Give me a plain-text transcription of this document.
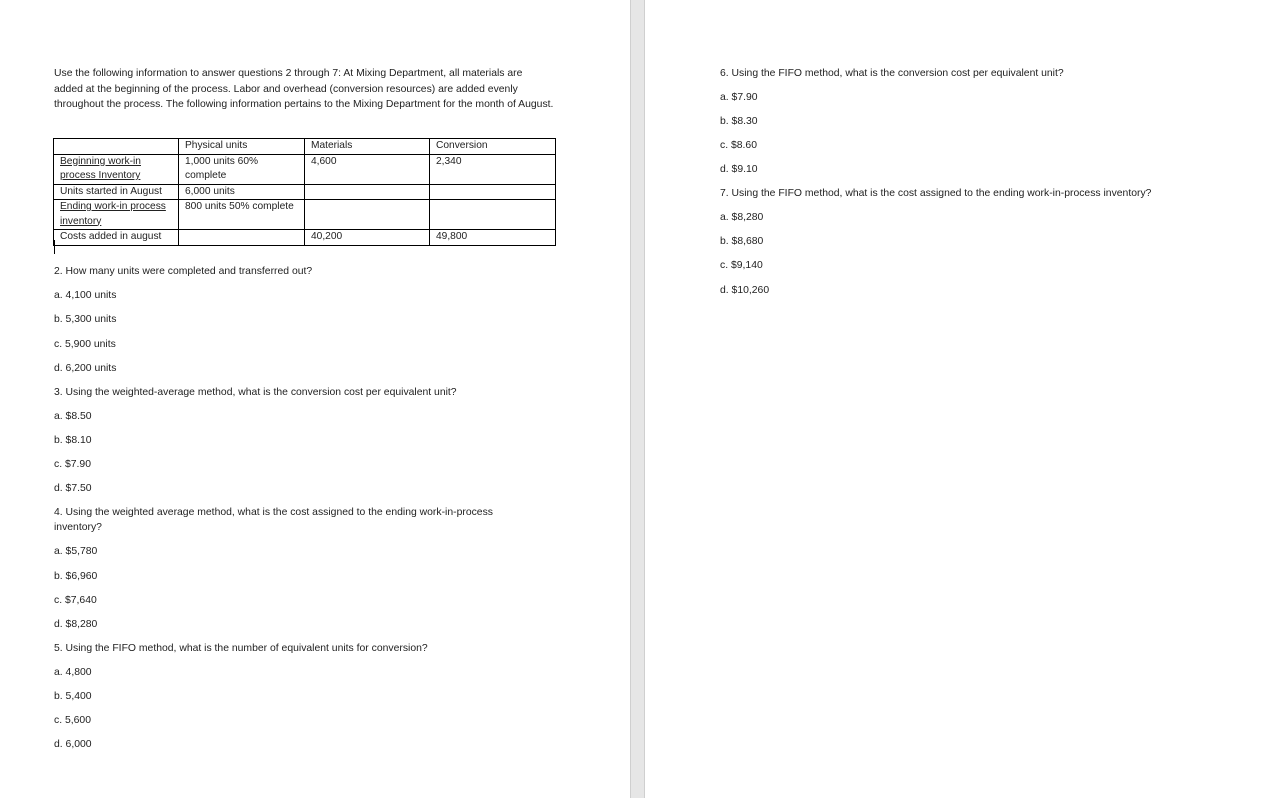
Use the following information to answer questions 2 through 7: At Mixing Department, all materials are added at the beginning of the process. Labor and overhead (conversion resources) are added evenly throughout the process. The following information pertains to the Mixing Department for the month of August.

	Physical units	Materials	Conversion
Beginning work-in process Inventory	1,000 units 60% complete	4,600	2,340
Units started in August	6,000 units		
Ending work-in process inventory	800 units 50% complete		
Costs added in august		40,200	49,800

2. How many units were completed and transferred out?

a. 4,100 units

b. 5,300 units

c. 5,900 units

d. 6,200 units

3. Using the weighted-average method, what is the conversion cost per equivalent unit?

a. $8.50

b. $8.10

c. $7.90

d. $7.50

4. Using the weighted average method, what is the cost assigned to the ending work-in-process inventory?

a. $5,780

b. $6,960

c. $7,640

d. $8,280

5. Using the FIFO method, what is the number of equivalent units for conversion?

a. 4,800

b. 5,400

c. 5,600

d. 6,000

6. Using the FIFO method, what is the conversion cost per equivalent unit?

a. $7.90

b. $8.30

c. $8.60

d. $9.10

7. Using the FIFO method, what is the cost assigned to the ending work-in-process inventory?

a. $8,280

b. $8,680

c. $9,140

d. $10,260
